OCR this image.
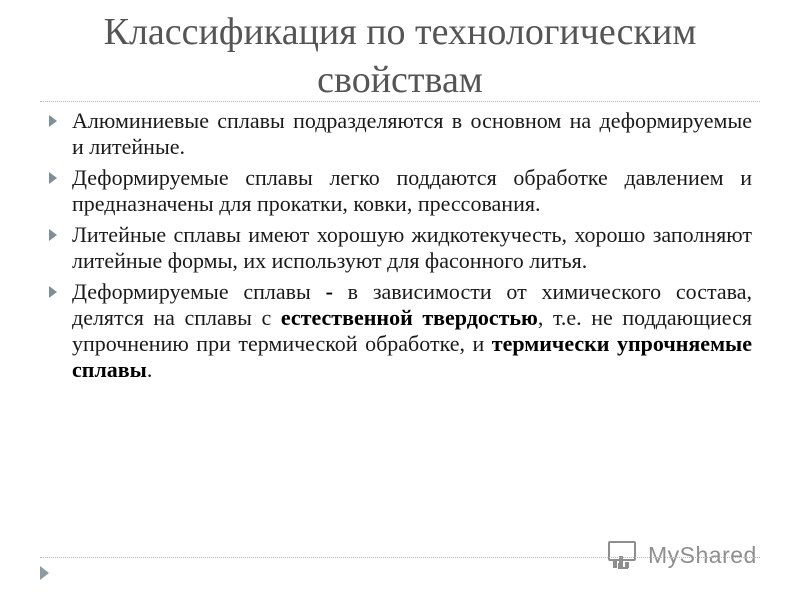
Классификация по технологическим свойствам
Алюминиевые сплавы подразделяются в основном на деформируемые и литейные.
Деформируемые сплавы легко поддаются обработке давлением и предназначены для прокатки, ковки, прессования.
Литейные сплавы имеют хорошую жидкотекучесть, хорошо заполняют литейные формы, их используют для фасонного литья.
Деформируемые сплавы - в зависимости от химического состава, делятся на сплавы с естественной твердостью, т.е. не поддающиеся упрочнению при термической обработке, и термически упрочняемые сплавы.
MyShared
